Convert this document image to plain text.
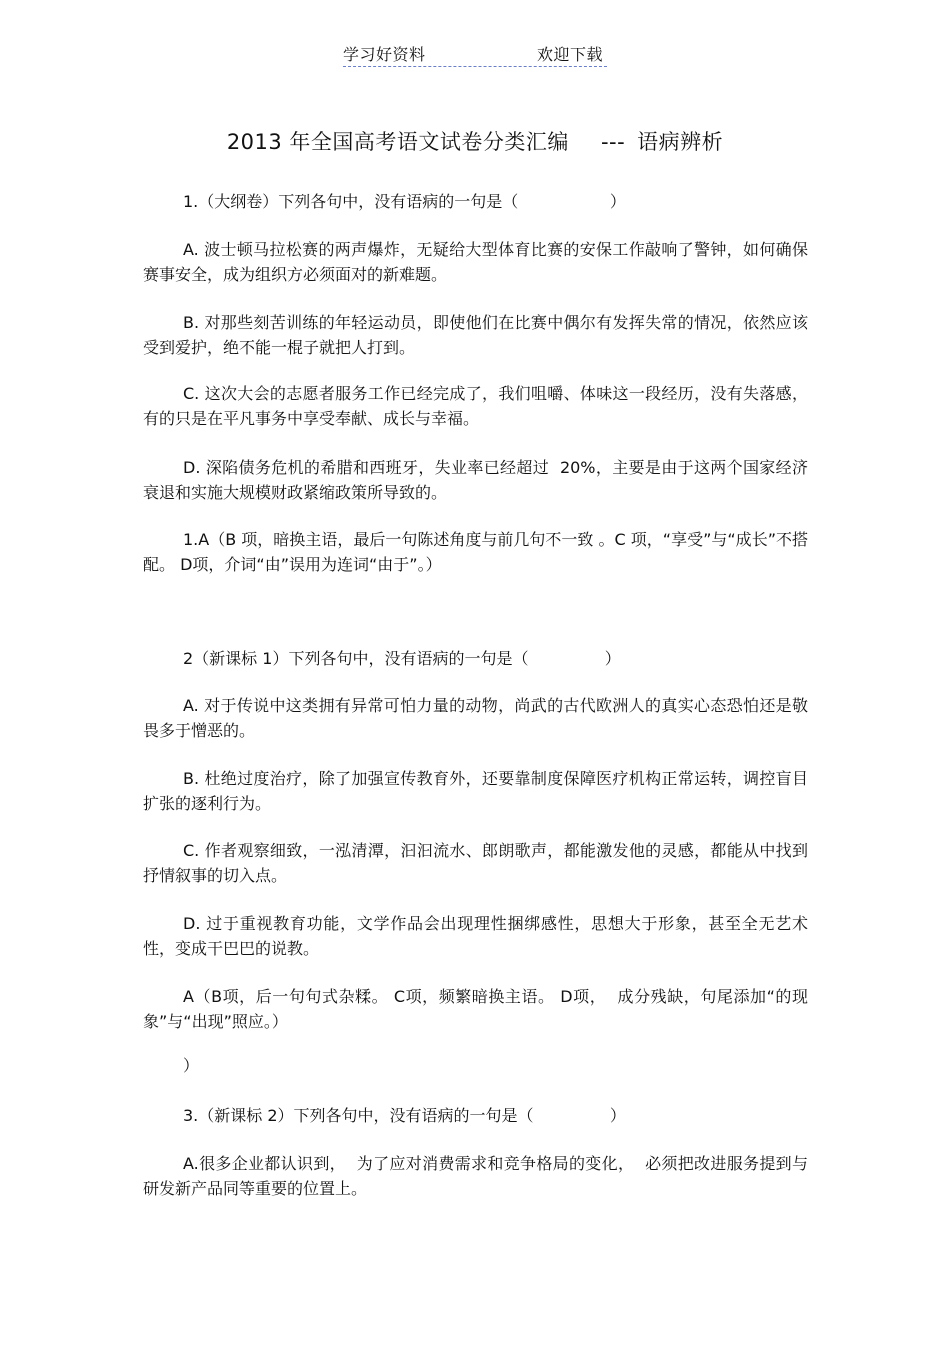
学习好资料	欢迎下载
2013 年全国高考语文试卷分类汇编 --- 语病辨析

1.（大纲卷）下列各句中，没有语病的一句是（                  ）

A. 波士顿马拉松赛的两声爆炸，无疑给大型体育比赛的安保工作敲响了警钟，如何确保赛事安全，成为组织方必须面对的新难题。

B. 对那些刻苦训练的年轻运动员，即使他们在比赛中偶尔有发挥失常的情况，依然应该受到爱护，绝不能一棍子就把人打到。

C. 这次大会的志愿者服务工作已经完成了，我们咀嚼、体味这一段经历，没有失落感，有的只是在平凡事务中享受奉献、成长与幸福。

D. 深陷债务危机的希腊和西班牙，失业率已经超过  20%，主要是由于这两个国家经济衰退和实施大规模财政紧缩政策所导致的。

1.A（B 项，暗换主语，最后一句陈述角度与前几句不一致 。C 项，“享受”与“成长”不搭配。 D项，介词“由”误用为连词“由于”。）

2（新课标 1）下列各句中，没有语病的一句是（               ）

A. 对于传说中这类拥有异常可怕力量的动物，尚武的古代欧洲人的真实心态恐怕还是敬畏多于憎恶的。

B. 杜绝过度治疗，除了加强宣传教育外，还要靠制度保障医疗机构正常运转，调控盲目扩张的逐利行为。

C. 作者观察细致，一泓清潭，汩汩流水、郎朗歌声，都能激发他的灵感，都能从中找到抒情叙事的切入点。

D. 过于重视教育功能，文学作品会出现理性捆绑感性，思想大于形象，甚至全无艺术性，变成干巴巴的说教。

A（B项，后一句句式杂糅。 C项，频繁暗换主语。 D项，  成分残缺，句尾添加“的现象”与“出现”照应。）

）

3.（新课标 2）下列各句中，没有语病的一句是（               ）

A.很多企业都认识到，  为了应对消费需求和竞争格局的变化，  必须把改进服务提到与研发新产品同等重要的位置上。
